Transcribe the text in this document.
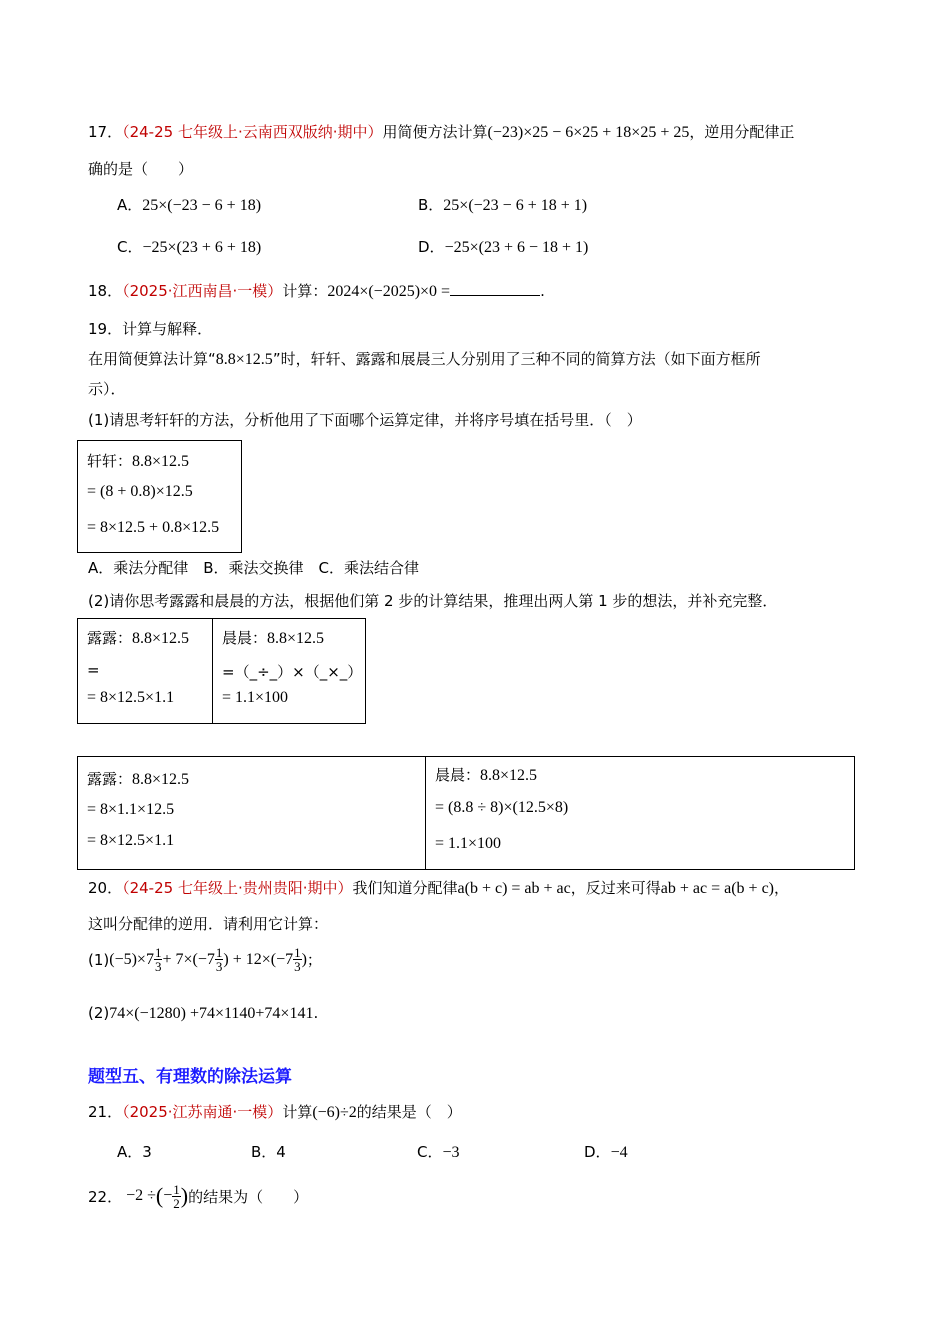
17．（24-25 七年级上·云南西双版纳·期中）用简便方法计算(−23)×25 − 6×25 + 18×25 + 25，逆用分配律正
确的是（　　）
A．25×(−23 − 6 + 18)	B．25×(−23 − 6 + 18 + 1)
C．−25×(23 + 6 + 18)	D．−25×(23 + 6 − 18 + 1)
18．（2025·江西南昌·一模）计算：2024×(−2025)×0 =	.
19．计算与解释．
在用简便算法计算“8.8×12.5”时，轩轩、露露和展晨三人分别用了三种不同的简算方法（如下面方框所
示）．
(1)请思考轩轩的方法，分析他用了下面哪个运算定律，并将序号填在括号里．（　）
轩轩：8.8×12.5
= (8 + 0.8)×12.5
= 8×12.5 + 0.8×12.5
A．乘法分配律　B．乘法交换律　C．乘法结合律
(2)请你思考露露和晨晨的方法，根据他们第 2 步的计算结果，推理出两人第 1 步的想法，并补充完整．
露露：8.8×12.5
=
= 8×12.5×1.1
晨晨：8.8×12.5
=（_÷_）×（_×_）
= 1.1×100
露露：8.8×12.5
= 8×1.1×12.5
= 8×12.5×1.1
晨晨：8.8×12.5
= (8.8 ÷ 8)×(12.5×8)
= 1.1×100
20．（24-25 七年级上·贵州贵阳·期中）我们知道分配律a(b + c) = ab + ac，反过来可得ab + ac = a(b + c)，
这叫分配律的逆用．请利用它计算：
(1) $(-5)\times 7 \frac{1}{3} + 7\times(-7 \frac{1}{3}$ ) + $12\times(-7 \frac{1}{3}$ ) ；
(2)74×(−1280) +74×1140+74×141.
题型五、有理数的除法运算
21．（2025·江苏南通·一模）计算(−6)÷2的结果是（　）
A．3	B．4	C．−3	D．−4
22． −2 ÷ ( − $\frac{1}{2}$ ) 的结果为（　　）
